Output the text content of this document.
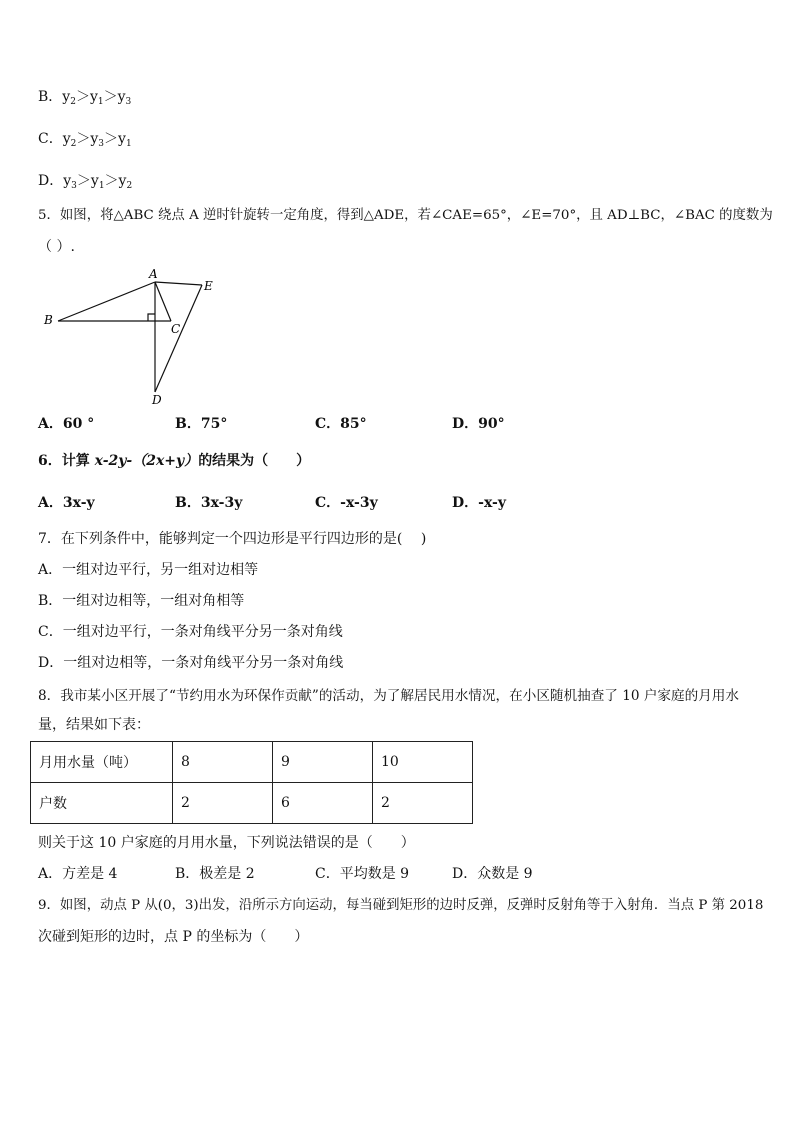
B．$y_2>y_1>y_3$
C．$y_2>y_3>y_1$
D．$y_3>y_1>y_2$
5．如图，将△ABC 绕点 A 逆时针旋转一定角度，得到△ADE，若∠CAE=65°，∠E=70°，且 AD⊥BC，∠BAC 的度数为
（ ）.
A
B
C
D
E
A．60 °	B．75°	C．85°	D．90°
6．计算 x-2y-（2x+y）的结果为（　　）
A．3x-y	B．3x-3y	C．-x-3y	D．-x-y
7．在下列条件中，能够判定一个四边形是平行四边形的是(　 )
A．一组对边平行，另一组对边相等
B．一组对边相等，一组对角相等
C．一组对边平行，一条对角线平分另一条对角线
D．一组对边相等，一条对角线平分另一条对角线
8．我市某小区开展了“节约用水为环保作贡献”的活动，为了解居民用水情况，在小区随机抽查了 10 户家庭的月用水
量，结果如下表：
月用水量（吨）	8	9	10
户数	2	6	2
则关于这 10 户家庭的月用水量，下列说法错误的是（　　）
A．方差是 4	B．极差是 2	C．平均数是 9	D．众数是 9
9．如图，动点 P 从(0，3)出发，沿所示方向运动，每当碰到矩形的边时反弹，反弹时反射角等于入射角．当点 P 第 2018
次碰到矩形的边时，点 P 的坐标为（　　）
